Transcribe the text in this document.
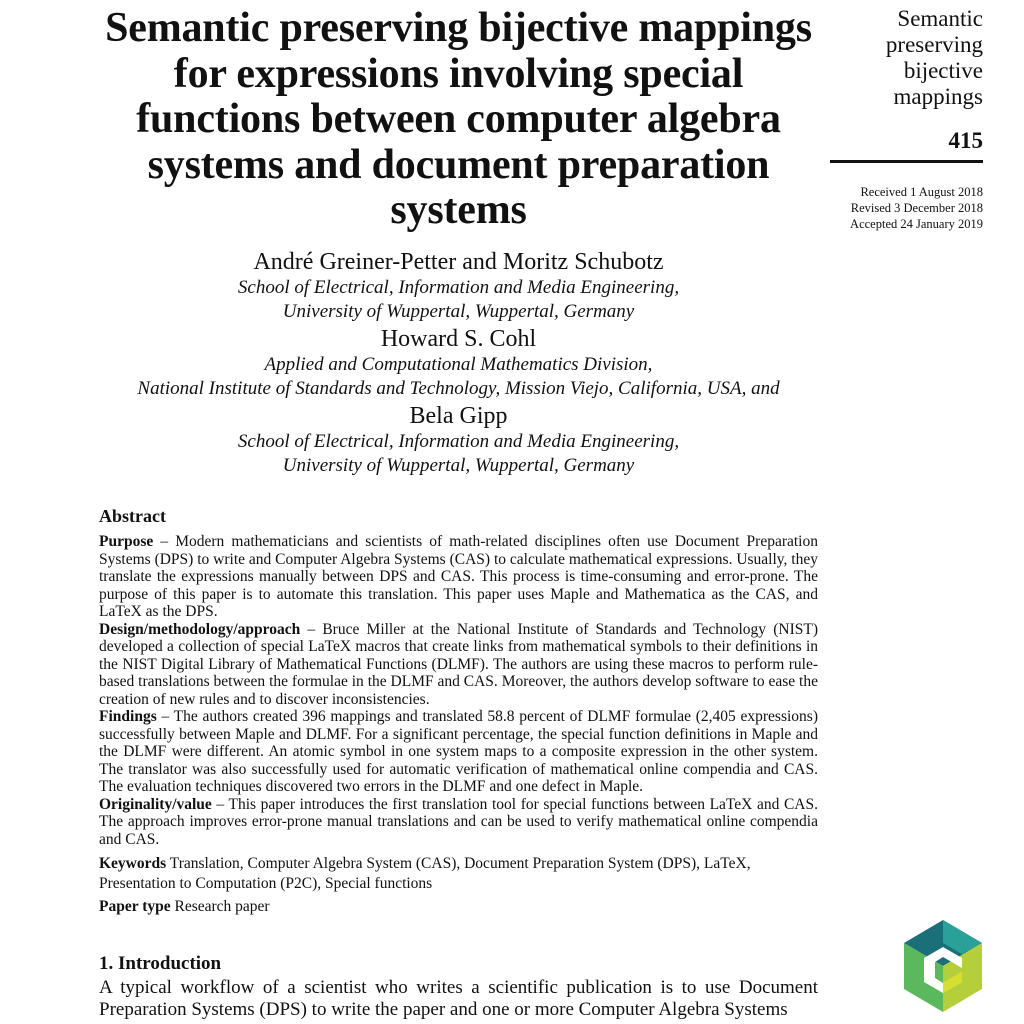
Semantic preserving bijective mappings for expressions involving special functions between computer algebra systems and document preparation systems
André Greiner-Petter and Moritz Schubotz
School of Electrical, Information and Media Engineering,
University of Wuppertal, Wuppertal, Germany
Howard S. Cohl
Applied and Computational Mathematics Division,
National Institute of Standards and Technology, Mission Viejo, California, USA, and
Bela Gipp
School of Electrical, Information and Media Engineering,
University of Wuppertal, Wuppertal, Germany
Semantic
preserving
bijective
mappings
415
Received 1 August 2018
Revised 3 December 2018
Accepted 24 January 2019
Abstract

Purpose – Modern mathematicians and scientists of math-related disciplines often use Document Preparation Systems (DPS) to write and Computer Algebra Systems (CAS) to calculate mathematical expressions. Usually, they translate the expressions manually between DPS and CAS. This process is time-consuming and error-prone. The purpose of this paper is to automate this translation. This paper uses Maple and Mathematica as the CAS, and LaTeX as the DPS.

Design/methodology/approach – Bruce Miller at the National Institute of Standards and Technology (NIST) developed a collection of special LaTeX macros that create links from mathematical symbols to their definitions in the NIST Digital Library of Mathematical Functions (DLMF). The authors are using these macros to perform rule-based translations between the formulae in the DLMF and CAS. Moreover, the authors develop software to ease the creation of new rules and to discover inconsistencies.

Findings – The authors created 396 mappings and translated 58.8 percent of DLMF formulae (2,405 expressions) successfully between Maple and DLMF. For a significant percentage, the special function definitions in Maple and the DLMF were different. An atomic symbol in one system maps to a composite expression in the other system. The translator was also successfully used for automatic verification of mathematical online compendia and CAS. The evaluation techniques discovered two errors in the DLMF and one defect in Maple.

Originality/value – This paper introduces the first translation tool for special functions between LaTeX and CAS. The approach improves error-prone manual translations and can be used to verify mathematical online compendia and CAS.

Keywords Translation, Computer Algebra System (CAS), Document Preparation System (DPS), LaTeX, Presentation to Computation (P2C), Special functions
Paper type Research paper
1. Introduction
A typical workflow of a scientist who writes a scientific publication is to use Document Preparation Systems (DPS) to write the paper and one or more Computer Algebra Systems
